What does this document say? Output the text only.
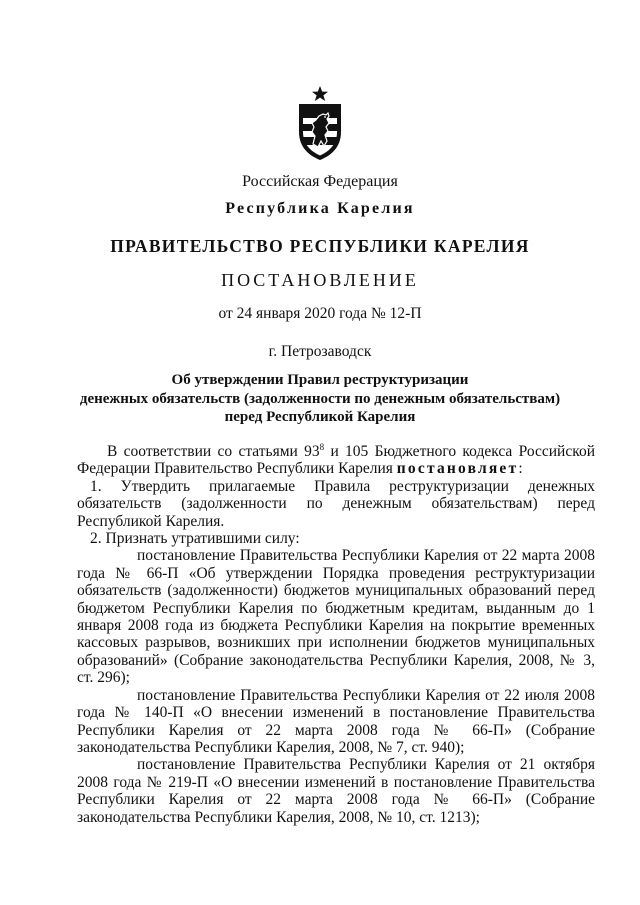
Российская Федерация
Республика Карелия
ПРАВИТЕЛЬСТВО РЕСПУБЛИКИ КАРЕЛИЯ
ПОСТАНОВЛЕНИЕ
от 24 января 2020 года № 12-П
г. Петрозаводск
Об утверждении Правил реструктуризации
денежных обязательств (задолженности по денежным обязательствам)
перед Республикой Карелия

В соответствии со статьями $93^8$ и 105 Бюджетного кодекса Российской Федерации Правительство Республики Карелия постановляет:

1. Утвердить прилагаемые Правила реструктуризации денежных обязательств (задолженности по денежным обязательствам) перед Республикой Карелия.

2. Признать утратившими силу:

постановление Правительства Республики Карелия от 22 марта 2008 года № 66-П «Об утверждении Порядка проведения реструктуризации обязательств (задолженности) бюджетов муниципальных образований перед бюджетом Республики Карелия по бюджетным кредитам, выданным до 1 января 2008 года из бюджета Республики Карелия на покрытие временных кассовых разрывов, возникших при исполнении бюджетов муниципальных образований» (Собрание законодательства Республики Карелия, 2008, № 3, ст. 296);

постановление Правительства Республики Карелия от 22 июля 2008 года № 140-П «О внесении изменений в постановление Правительства Республики Карелия от 22 марта 2008 года № 66-П» (Собрание законодательства Республики Карелия, 2008, № 7, ст. 940);

постановление Правительства Республики Карелия от 21 октября 2008 года № 219-П «О внесении изменений в постановление Правительства Республики Карелия от 22 марта 2008 года № 66-П» (Собрание законодательства Республики Карелия, 2008, № 10, ст. 1213);
